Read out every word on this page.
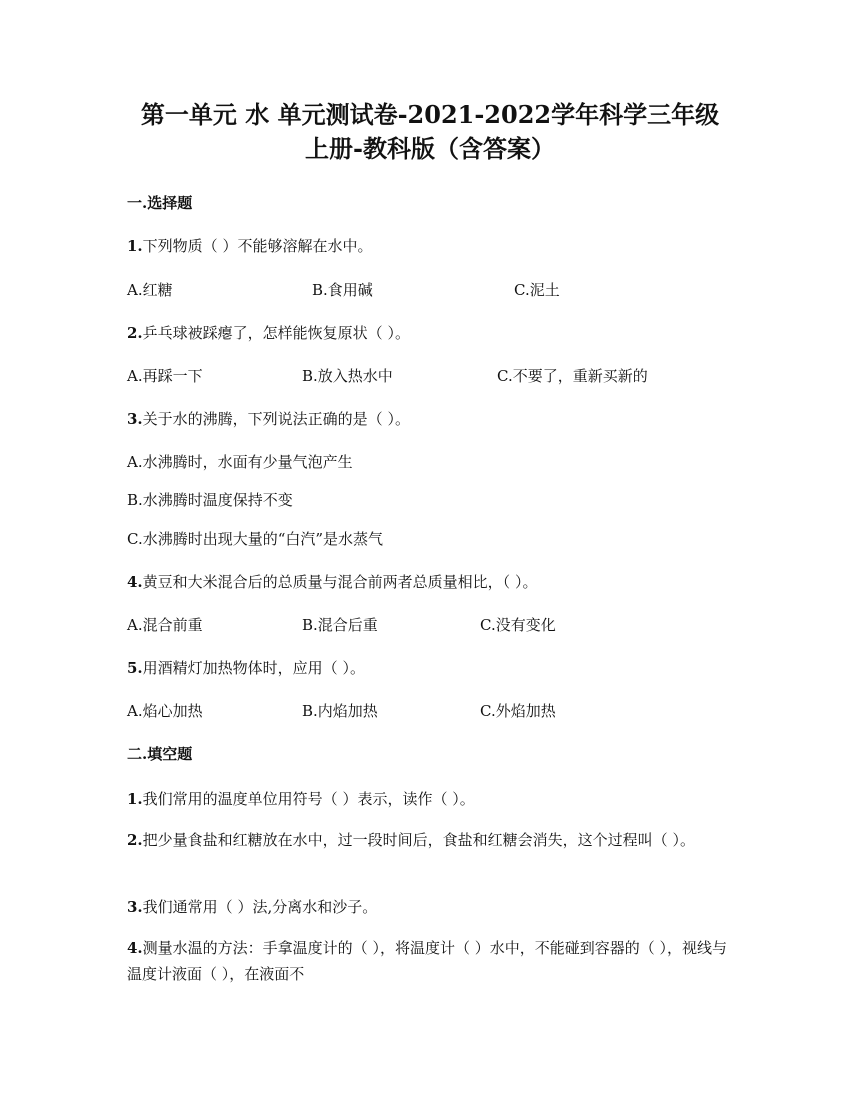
第一单元 水 单元测试卷-2021-2022学年科学三年级
上册-教科版（含答案）
一.选择题
1.下列物质（ ）不能够溶解在水中。
A.红糖	B.食用碱	C.泥土
2.乒乓球被踩瘪了，怎样能恢复原状（ ）。
A.再踩一下	B.放入热水中	C.不要了，重新买新的
3.关于水的沸腾，下列说法正确的是（ ）。
A.水沸腾时，水面有少量气泡产生
B.水沸腾时温度保持不变
C.水沸腾时出现大量的“白汽”是水蒸气
4.黄豆和大米混合后的总质量与混合前两者总质量相比，（ ）。
A.混合前重	B.混合后重	C.没有变化
5.用酒精灯加热物体时，应用（ ）。
A.焰心加热	B.内焰加热	C.外焰加热
二.填空题
1.我们常用的温度单位用符号（ ）表示，读作（ ）。
2.把少量食盐和红糖放在水中，过一段时间后，食盐和红糖会消失，这个过程叫（ ）。
3.我们通常用（ ）法,分离水和沙子。
4.测量水温的方法：手拿温度计的（ ），将温度计（ ）水中，不能碰到容器的（ ），视线与温度计液面（ ），在液面不
